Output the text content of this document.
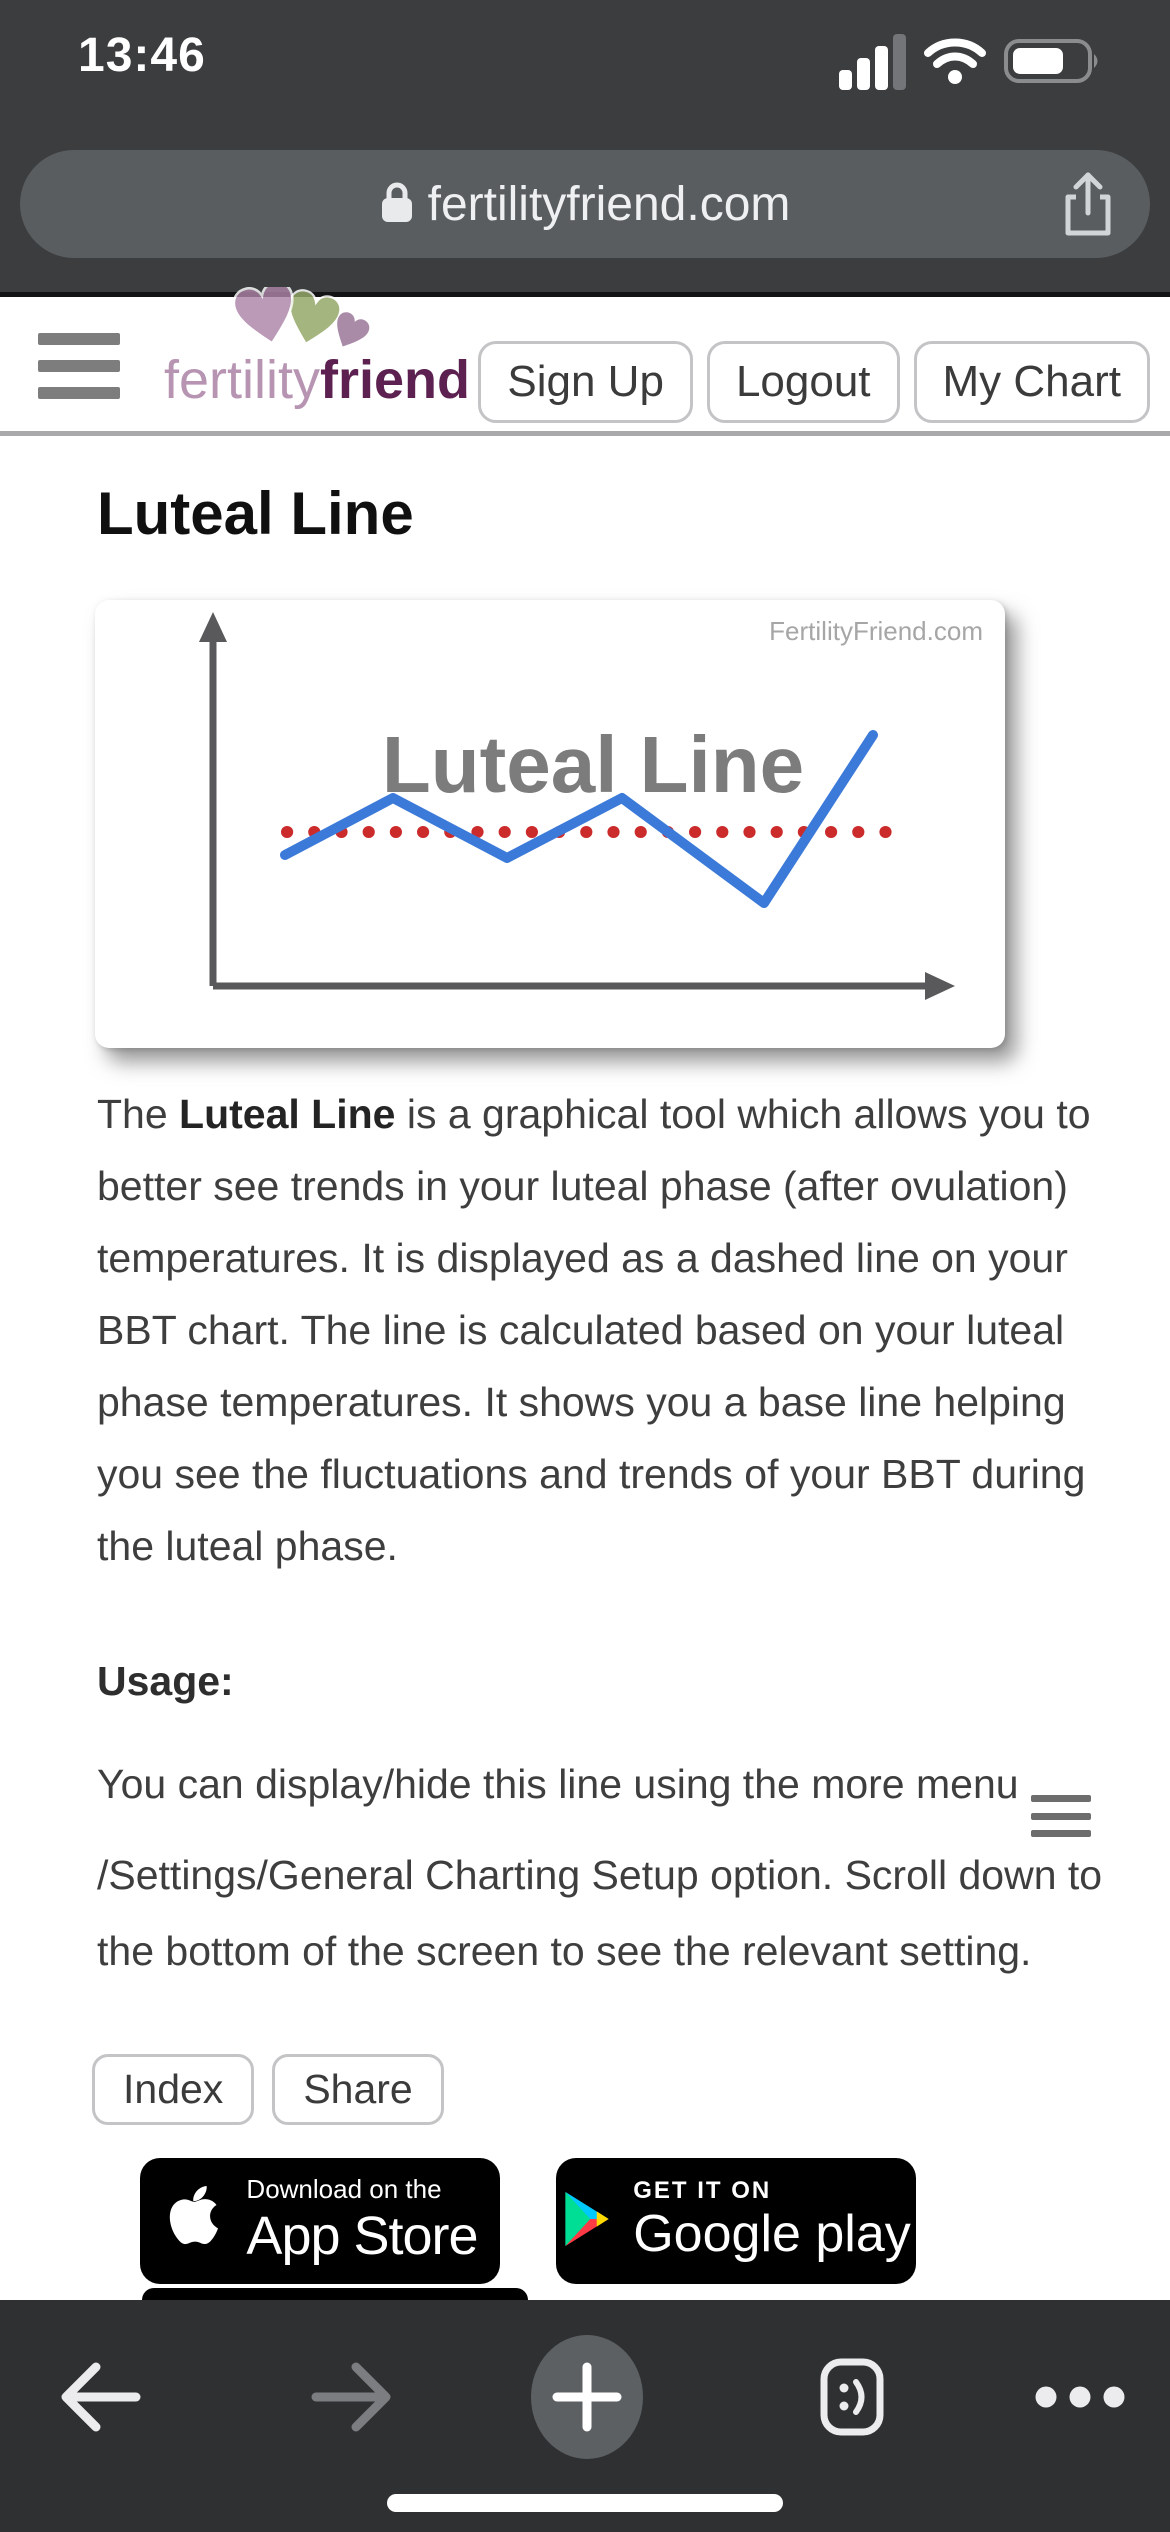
13:46
fertilityfriend.com
fertilityfriend Sign Up	Logout	My Chart
Luteal Line
FertilityFriend.com
Luteal Line

The Luteal Line is a graphical tool which allows you to better see trends in your luteal phase (after ovulation) temperatures. It is displayed as a dashed line on your BBT chart. The line is calculated based on your luteal phase temperatures. It shows you a base line helping you see the fluctuations and trends of your BBT during the luteal phase.

Usage:

You can display/hide this line using the more menu
/Settings/General Charting Setup option. Scroll down to the bottom of the screen to see the relevant setting.

Index	Share
Download on the
App Store
GET IT ON
Google play
